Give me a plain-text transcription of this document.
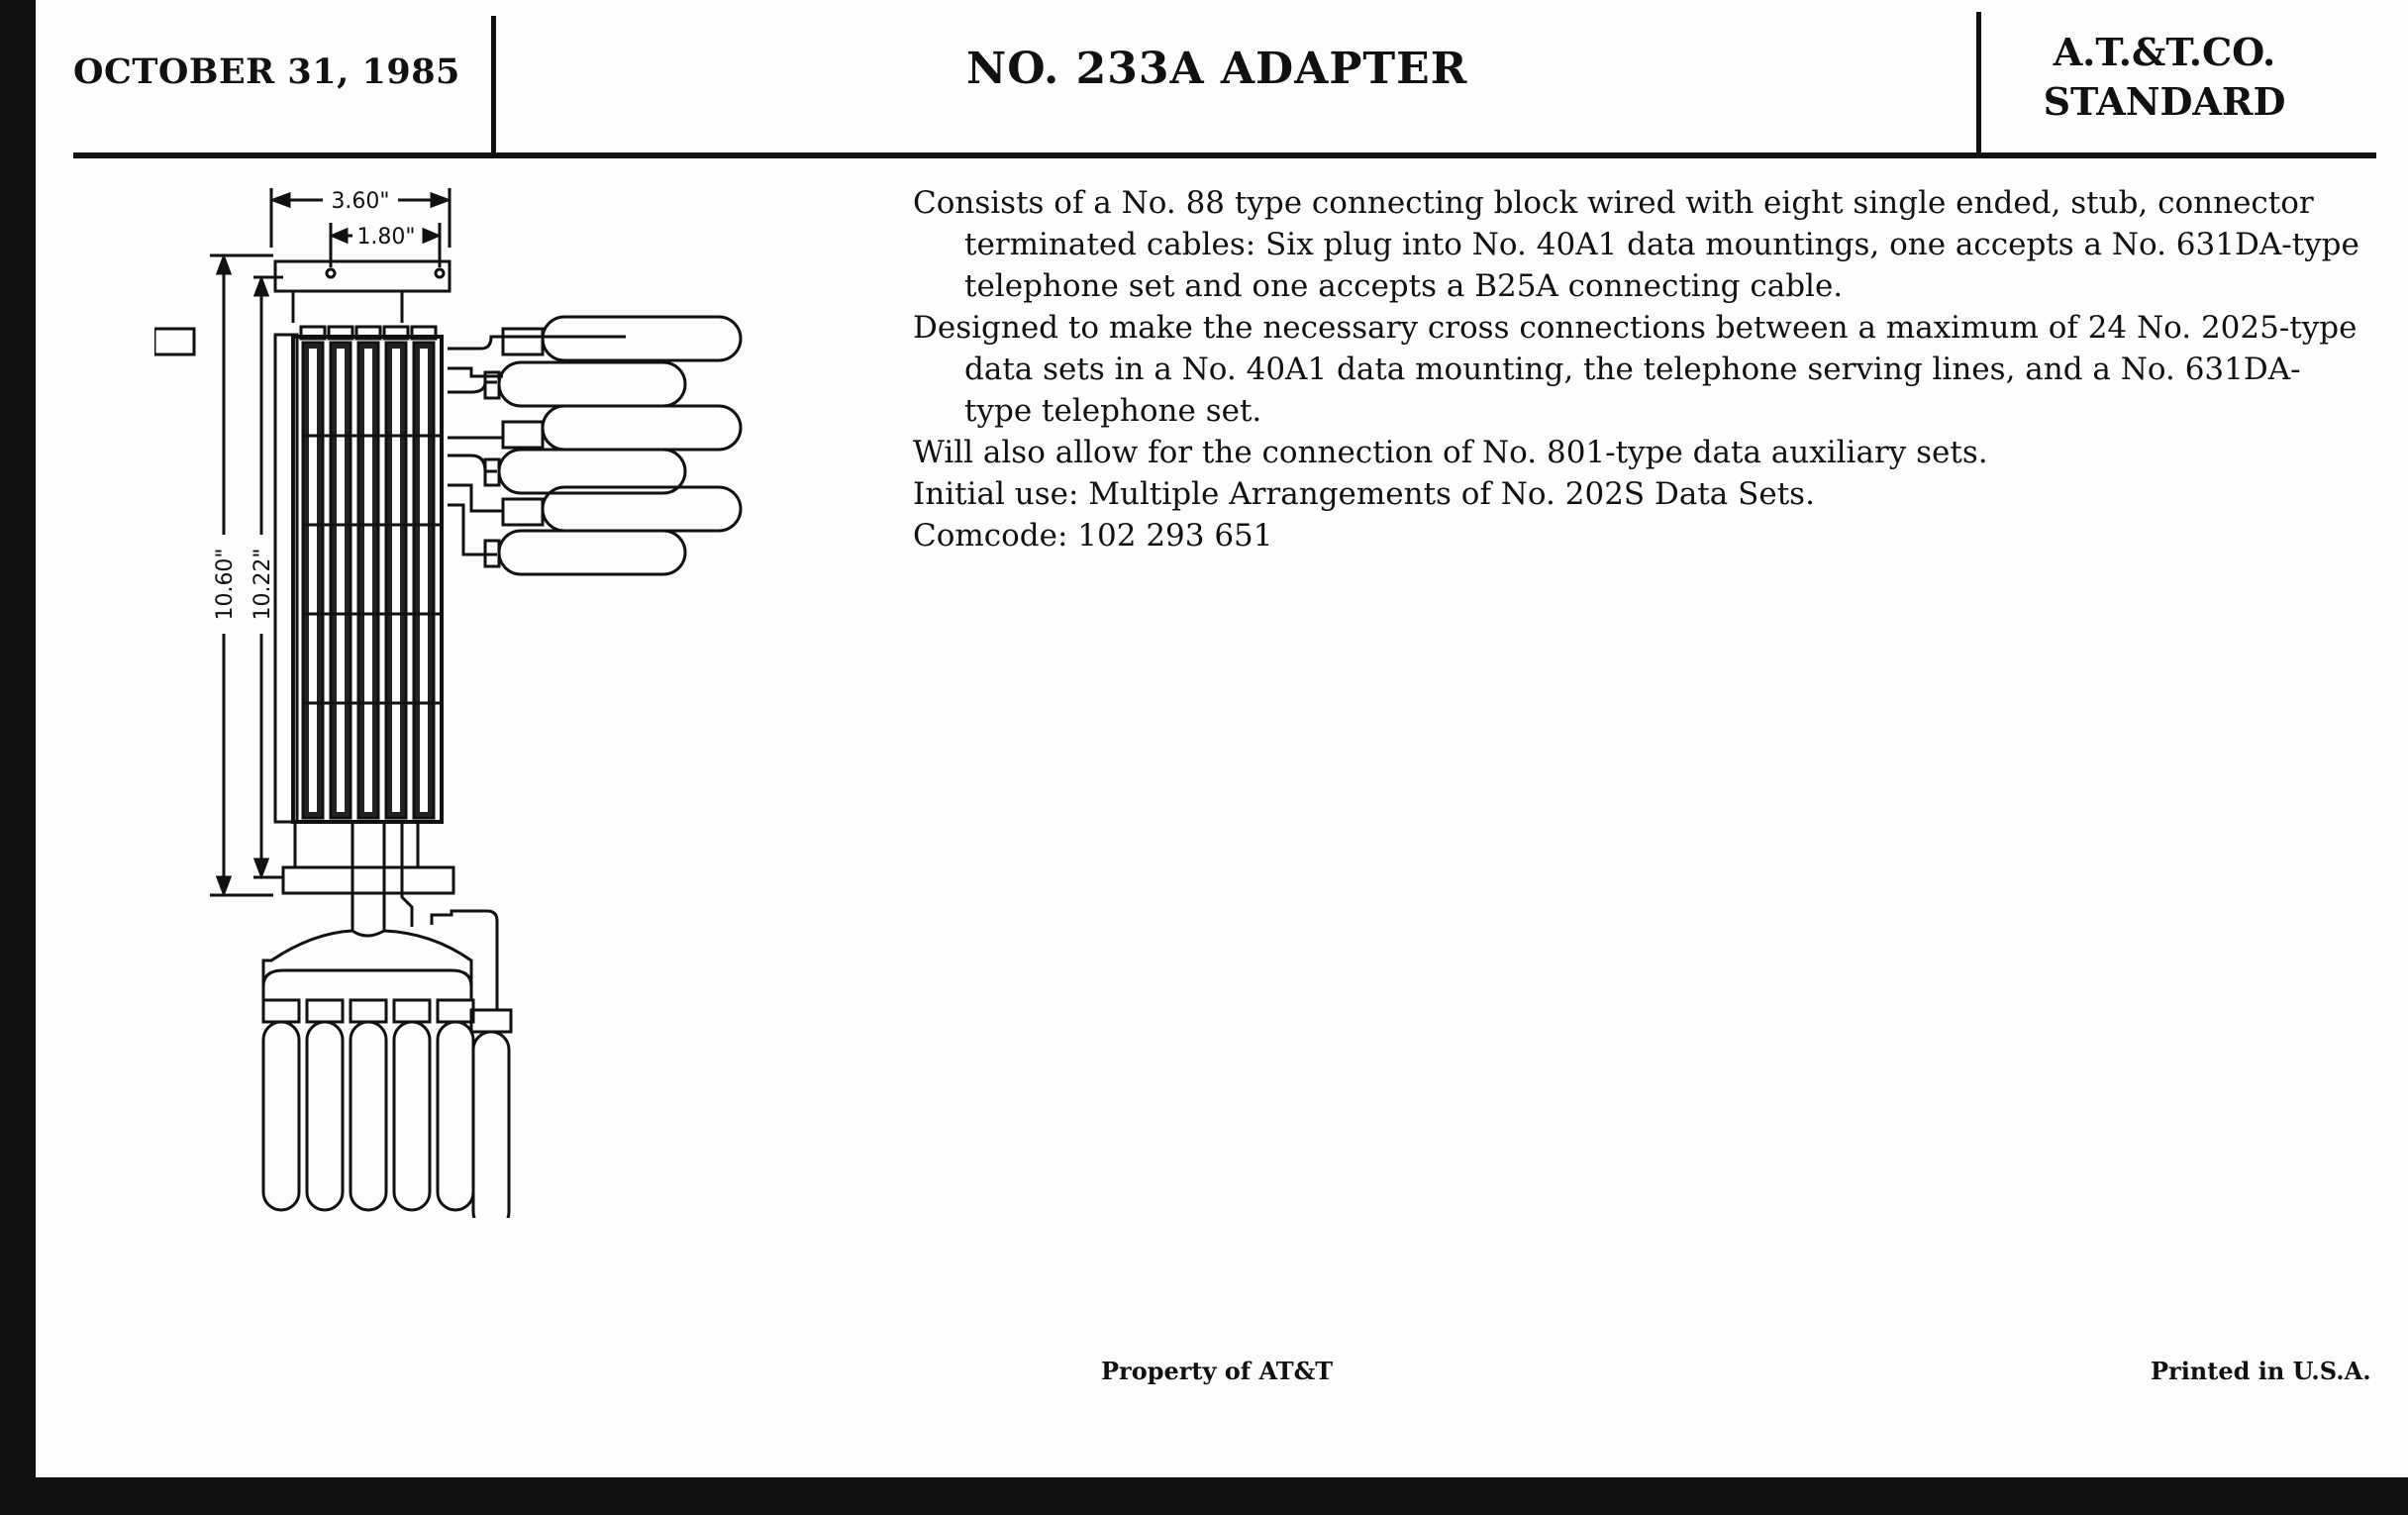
OCTOBER 31, 1985	NO. 233A ADAPTER	A.T.&T.CO.
STANDARD
3.60"
1.80"
10.60" 10.22"

Consists of a No. 88 type connecting block wired with eight single ended, stub, connector terminated cables: Six plug into No. 40A1 data mountings, one accepts a No. 631DA-type telephone set and one accepts a B25A connecting cable.

Designed to make the necessary cross connections between a maximum of 24 No. 2025-type data sets in a No. 40A1 data mounting, the telephone serving lines, and a No. 631DA-type telephone set.

Will also allow for the connection of No. 801-type data auxiliary sets.

Initial use: Multiple Arrangements of No. 202S Data Sets.

Comcode: 102 293 651

Property of AT&T	Printed in U.S.A.
